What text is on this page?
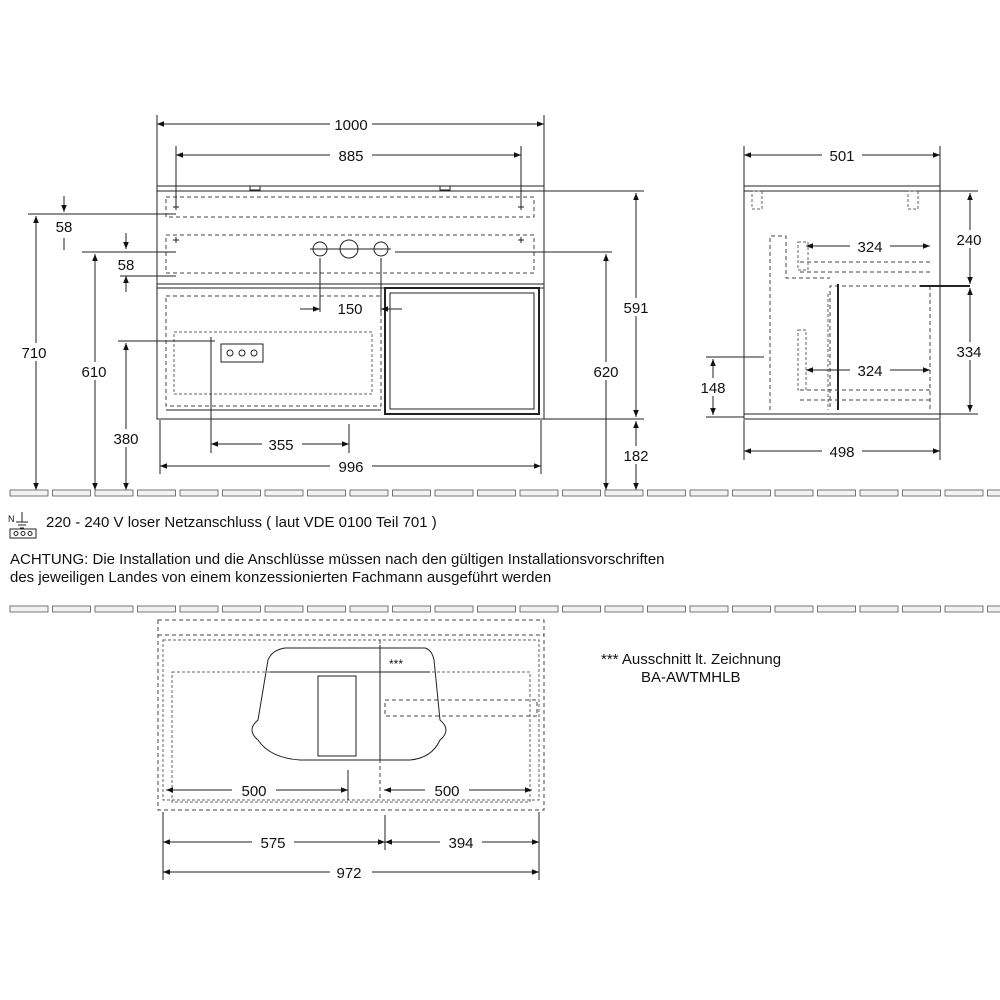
1000
885
58
58
150
710
610
380	355
996
591
620
182
501
324
324
240
334
148
498
N
***
500	500
575	394
972
220 - 240 V loser Netzanschluss ( laut VDE 0100 Teil 701 )
ACHTUNG: Die Installation und die Anschlüsse müssen nach den gültigen Installationsvorschriften
des jeweiligen Landes von einem konzessionierten Fachmann ausgeführt werden
*** Ausschnitt lt. Zeichnung
BA-AWTMHLB
